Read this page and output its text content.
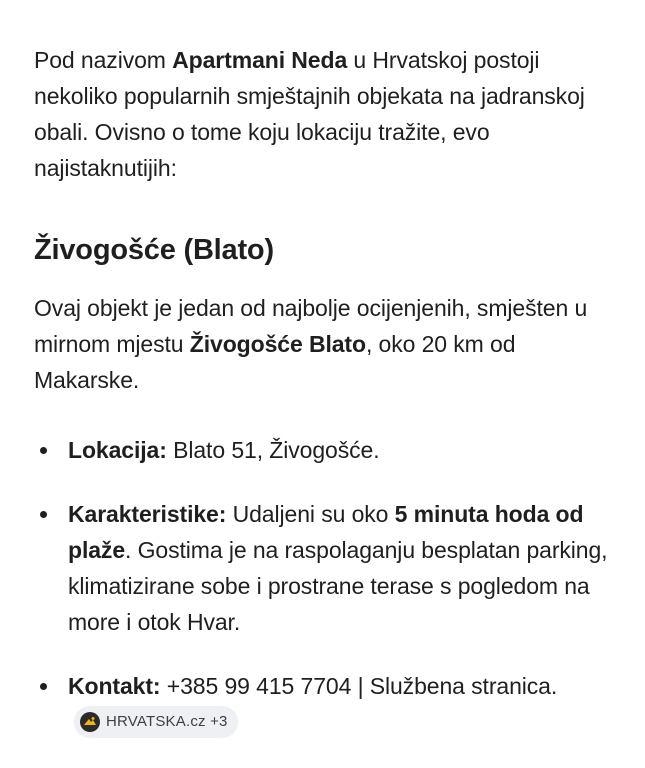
Pod nazivom Apartmani Neda u Hrvatskoj postoji nekoliko popularnih smještajnih objekata na jadranskoj obali. Ovisno o tome koju lokaciju tražite, evo najistaknutijih:

Živogošće (Blato)

Ovaj objekt je jedan od najbolje ocijenjenih, smješten u mirnom mjestu Živogošće Blato, oko 20 km od Makarske.

Lokacija: Blato 51, Živogošće.
Karakteristike: Udaljeni su oko 5 minuta hoda od plaže. Gostima je na raspolaganju besplatan parking, klimatizirane sobe i prostrane terase s pogledom na more i otok Hvar.
Kontakt: +385 99 415 7704 | Službena stranica.
HRVATSKA.cz +3
